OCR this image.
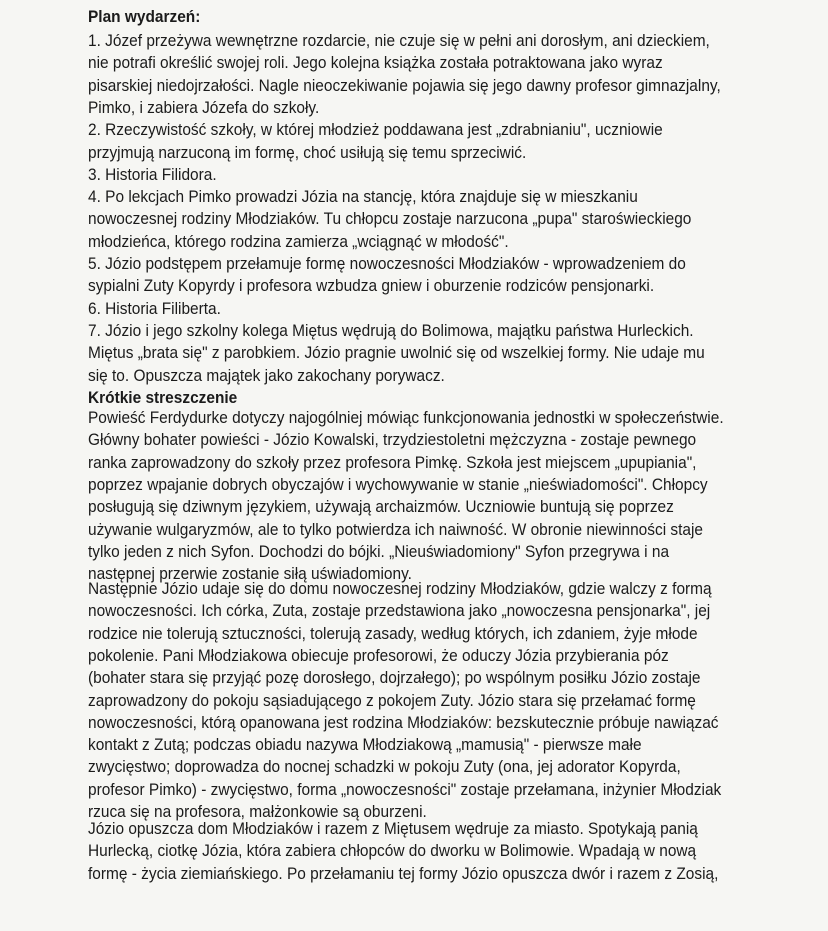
Plan wydarzeń:
Krótkie streszczenie
1. Józef przeżywa wewnętrzne rozdarcie, nie czuje się w pełni ani dorosłym, ani dzieckiem,
nie potrafi określić swojej roli. Jego kolejna książka została potraktowana jako wyraz
pisarskiej niedojrzałości. Nagle nieoczekiwanie pojawia się jego dawny profesor gimnazjalny,
Pimko, i zabiera Józefa do szkoły.
2. Rzeczywistość szkoły, w której młodzież poddawana jest „zdrabnianiu", uczniowie
przyjmują narzuconą im formę, choć usiłują się temu sprzeciwić.
3. Historia Filidora.
4. Po lekcjach Pimko prowadzi Józia na stancję, która znajduje się w mieszkaniu
nowoczesnej rodziny Młodziaków. Tu chłopcu zostaje narzucona „pupa" staroświeckiego
młodzieńca, którego rodzina zamierza „wciągnąć w młodość".
5. Józio podstępem przełamuje formę nowoczesności Młodziaków - wprowadzeniem do
sypialni Zuty Kopyrdy i profesora wzbudza gniew i oburzenie rodziców pensjonarki.
6. Historia Filiberta.
7. Józio i jego szkolny kolega Miętus wędrują do Bolimowa, majątku państwa Hurleckich.
Miętus „brata się" z parobkiem. Józio pragnie uwolnić się od wszelkiej formy. Nie udaje mu
się to. Opuszcza majątek jako zakochany porywacz.
Powieść Ferdydurke dotyczy najogólniej mówiąc funkcjonowania jednostki w społeczeństwie.
Główny bohater powieści - Józio Kowalski, trzydziestoletni mężczyzna - zostaje pewnego
ranka zaprowadzony do szkoły przez profesora Pimkę. Szkoła jest miejscem „upupiania",
poprzez wpajanie dobrych obyczajów i wychowywanie w stanie „nieświadomości". Chłopcy
posługują się dziwnym językiem, używają archaizmów. Uczniowie buntują się poprzez
używanie wulgaryzmów, ale to tylko potwierdza ich naiwność. W obronie niewinności staje
tylko jeden z nich Syfon. Dochodzi do bójki. „Nieuświadomiony" Syfon przegrywa i na
następnej przerwie zostanie siłą uświadomiony.
Następnie Józio udaje się do domu nowoczesnej rodziny Młodziaków, gdzie walczy z formą
nowoczesności. Ich córka, Zuta, zostaje przedstawiona jako „nowoczesna pensjonarka", jej
rodzice nie tolerują sztuczności, tolerują zasady, według których, ich zdaniem, żyje młode
pokolenie. Pani Młodziakowa obiecuje profesorowi, że oduczy Józia przybierania póz
(bohater stara się przyjąć pozę dorosłego, dojrzałego); po wspólnym posiłku Józio zostaje
zaprowadzony do pokoju sąsiadującego z pokojem Zuty. Józio stara się przełamać formę
nowoczesności, którą opanowana jest rodzina Młodziaków: bezskutecznie próbuje nawiązać
kontakt z Zutą; podczas obiadu nazywa Młodziakową „mamusią" - pierwsze małe
zwycięstwo; doprowadza do nocnej schadzki w pokoju Zuty (ona, jej adorator Kopyrda,
profesor Pimko) - zwycięstwo, forma „nowoczesności" zostaje przełamana, inżynier Młodziak
rzuca się na profesora, małżonkowie są oburzeni.
Józio opuszcza dom Młodziaków i razem z Miętusem wędruje za miasto. Spotykają panią
Hurlecką, ciotkę Józia, która zabiera chłopców do dworku w Bolimowie. Wpadają w nową
formę - życia ziemiańskiego. Po przełamaniu tej formy Józio opuszcza dwór i razem z Zosią,
